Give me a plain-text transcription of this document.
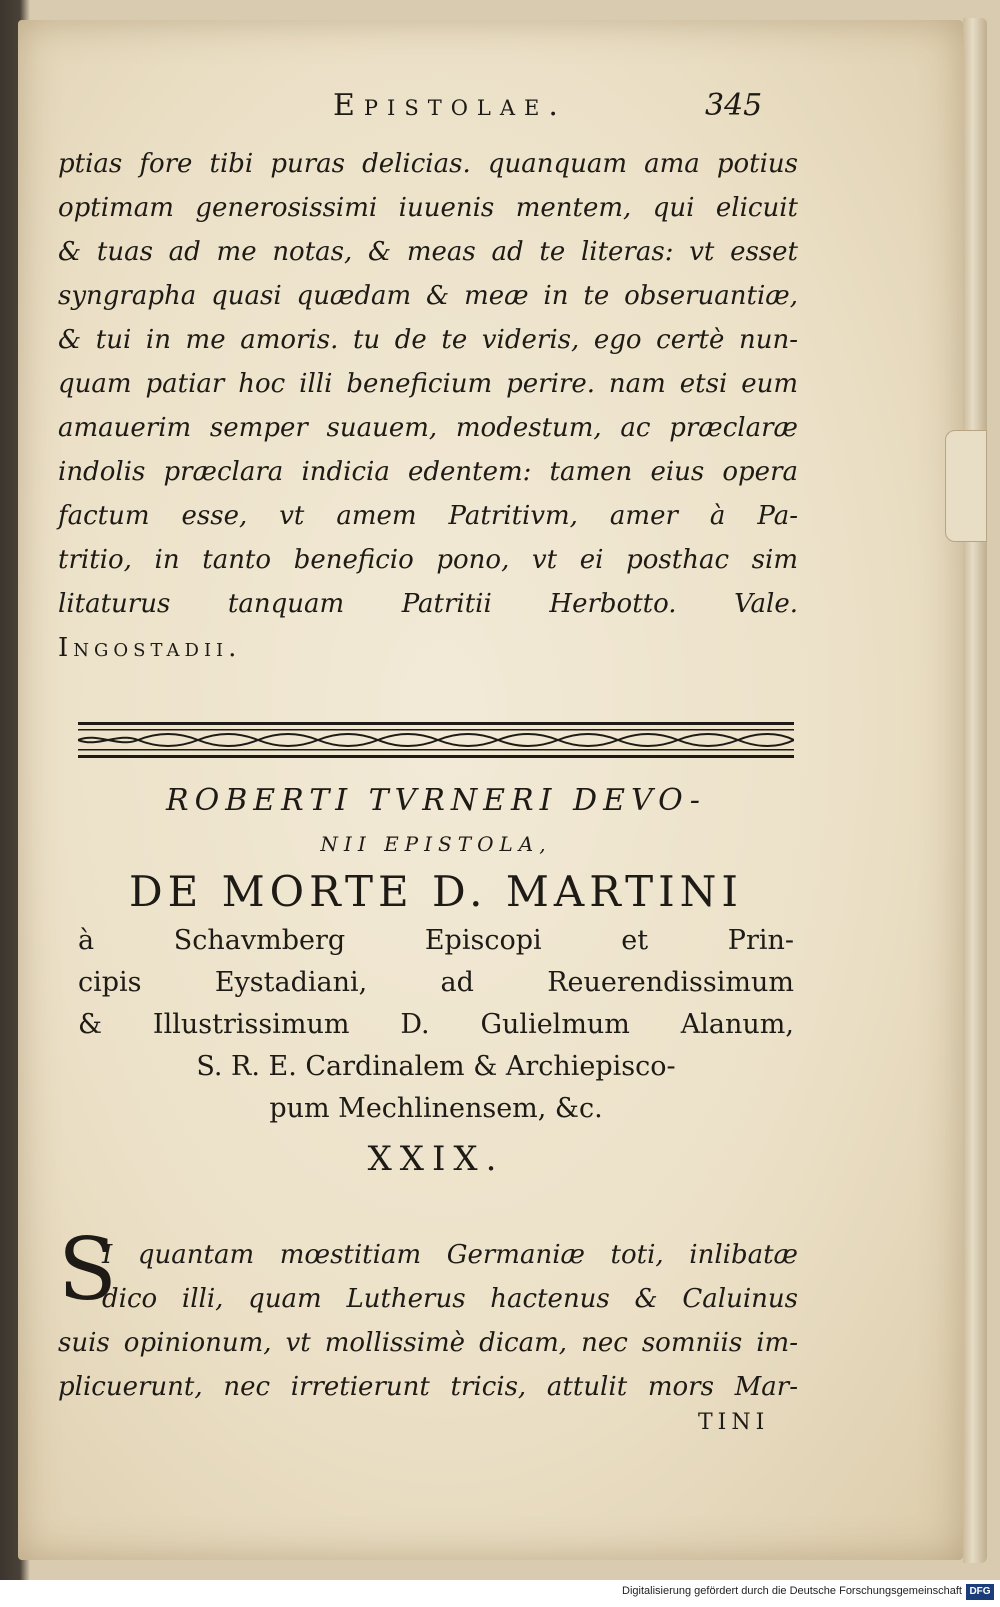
Epistolae.	345
ptias fore tibi puras delicias. quanquam ama potius
optimam generosissimi iuuenis mentem, qui elicuit
& tuas ad me notas, & meas ad te literas: vt esset
syngrapha quasi quædam & meæ in te obseruantiæ,
& tui in me amoris. tu de te videris, ego certè nun-
quam patiar hoc illi beneficium perire. nam etsi eum
amauerim semper suauem, modestum, ac præclaræ
indolis præclara indicia edentem: tamen eius opera
factum esse, vt amem Patritivm, amer à Pa-
tritio, in tanto beneficio pono, vt ei posthac sim
litaturus tanquam Patritii Herbotto. Vale.
Ingostadii.
ROBERTI TVRNERI DEVO-
NII EPISTOLA,
DE MORTE D. MARTINI
à Schavmberg Episcopi et Prin-
cipis Eystadiani, ad Reuerendissimum
& Illustrissimum D. Gulielmum Alanum,
S. R. E. Cardinalem & Archiepisco-
pum Mechlinensem, &c.
XXIX.
S
I quantam mœstitiam Germaniæ toti, inlibatæ
dico illi, quam Lutherus hactenus & Caluinus
suis opinionum, vt mollissimè dicam, nec somniis im-
plicuerunt, nec irretierunt tricis, attulit mors Mar-
TINI
Digitalisierung gefördert durch die Deutsche Forschungsgemeinschaft DFG
